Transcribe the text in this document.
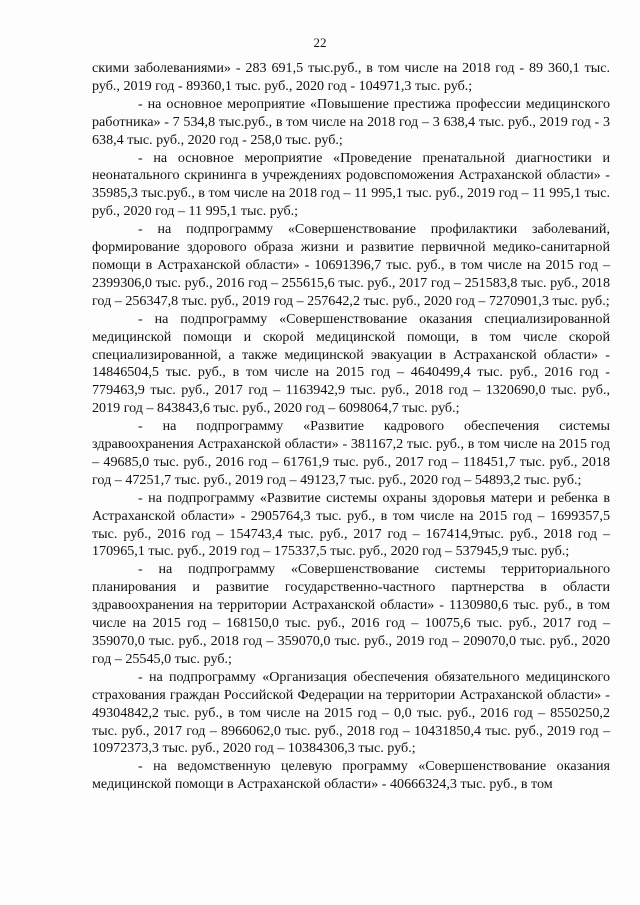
22

скими заболеваниями» - 283 691,5 тыс.руб., в том числе на 2018 год - 89 360,1 тыс. руб., 2019 год - 89360,1 тыс. руб., 2020 год - 104971,3 тыс. руб.;

- на основное мероприятие «Повышение престижа профессии медицинского работника» - 7 534,8 тыс.руб., в том числе на 2018 год – 3 638,4 тыс. руб., 2019 год - 3 638,4 тыс. руб., 2020 год - 258,0 тыс. руб.;

- на основное мероприятие «Проведение пренатальной диагностики и неонатального скрининга в учреждениях родовспоможения Астраханской области» - 35985,3 тыс.руб., в том числе на 2018 год – 11 995,1 тыс. руб., 2019 год – 11 995,1 тыс. руб., 2020 год – 11 995,1 тыс. руб.;

- на подпрограмму «Совершенствование профилактики заболеваний, формирование здорового образа жизни и развитие первичной медико-санитарной помощи в Астраханской области» - 10691396,7 тыс. руб., в том числе на 2015 год – 2399306,0 тыс. руб., 2016 год – 255615,6 тыс. руб., 2017 год – 251583,8 тыс. руб., 2018 год – 256347,8 тыс. руб., 2019 год – 257642,2 тыс. руб., 2020 год – 7270901,3 тыс. руб.;

- на подпрограмму «Совершенствование оказания специализированной медицинской помощи и скорой медицинской помощи, в том числе скорой специализированной, а также медицинской эвакуации в Астраханской области» - 14846504,5 тыс. руб., в том числе на 2015 год – 4640499,4 тыс. руб., 2016 год - 779463,9 тыс. руб., 2017 год – 1163942,9 тыс. руб., 2018 год – 1320690,0 тыс. руб., 2019 год – 843843,6 тыс. руб., 2020 год – 6098064,7 тыс. руб.;

- на подпрограмму «Развитие кадрового обеспечения системы здравоохранения Астраханской области» - 381167,2 тыс. руб., в том числе на 2015 год – 49685,0 тыс. руб., 2016 год – 61761,9 тыс. руб., 2017 год – 118451,7 тыс. руб., 2018 год – 47251,7 тыс. руб., 2019 год – 49123,7 тыс. руб., 2020 год – 54893,2 тыс. руб.;

- на подпрограмму «Развитие системы охраны здоровья матери и ребенка в Астраханской области» - 2905764,3 тыс. руб., в том числе на 2015 год – 1699357,5 тыс. руб., 2016 год – 154743,4 тыс. руб., 2017 год – 167414,9тыс. руб., 2018 год – 170965,1 тыс. руб., 2019 год – 175337,5 тыс. руб., 2020 год – 537945,9 тыс. руб.;

- на подпрограмму «Совершенствование системы территориального планирования и развитие государственно-частного партнерства в области здравоохранения на территории Астраханской области» - 1130980,6 тыс. руб., в том числе на 2015 год – 168150,0 тыс. руб., 2016 год – 10075,6 тыс. руб., 2017 год – 359070,0 тыс. руб., 2018 год – 359070,0 тыс. руб., 2019 год – 209070,0 тыс. руб., 2020 год – 25545,0 тыс. руб.;

- на подпрограмму «Организация обеспечения обязательного медицинского страхования граждан Российской Федерации на территории Астраханской области» - 49304842,2 тыс. руб., в том числе на 2015 год – 0,0 тыс. руб., 2016 год – 8550250,2 тыс. руб., 2017 год – 8966062,0 тыс. руб., 2018 год – 10431850,4 тыс. руб., 2019 год – 10972373,3 тыс. руб., 2020 год – 10384306,3 тыс. руб.;

- на ведомственную целевую программу «Совершенствование оказания медицинской помощи в Астраханской области» - 40666324,3 тыс. руб., в том
